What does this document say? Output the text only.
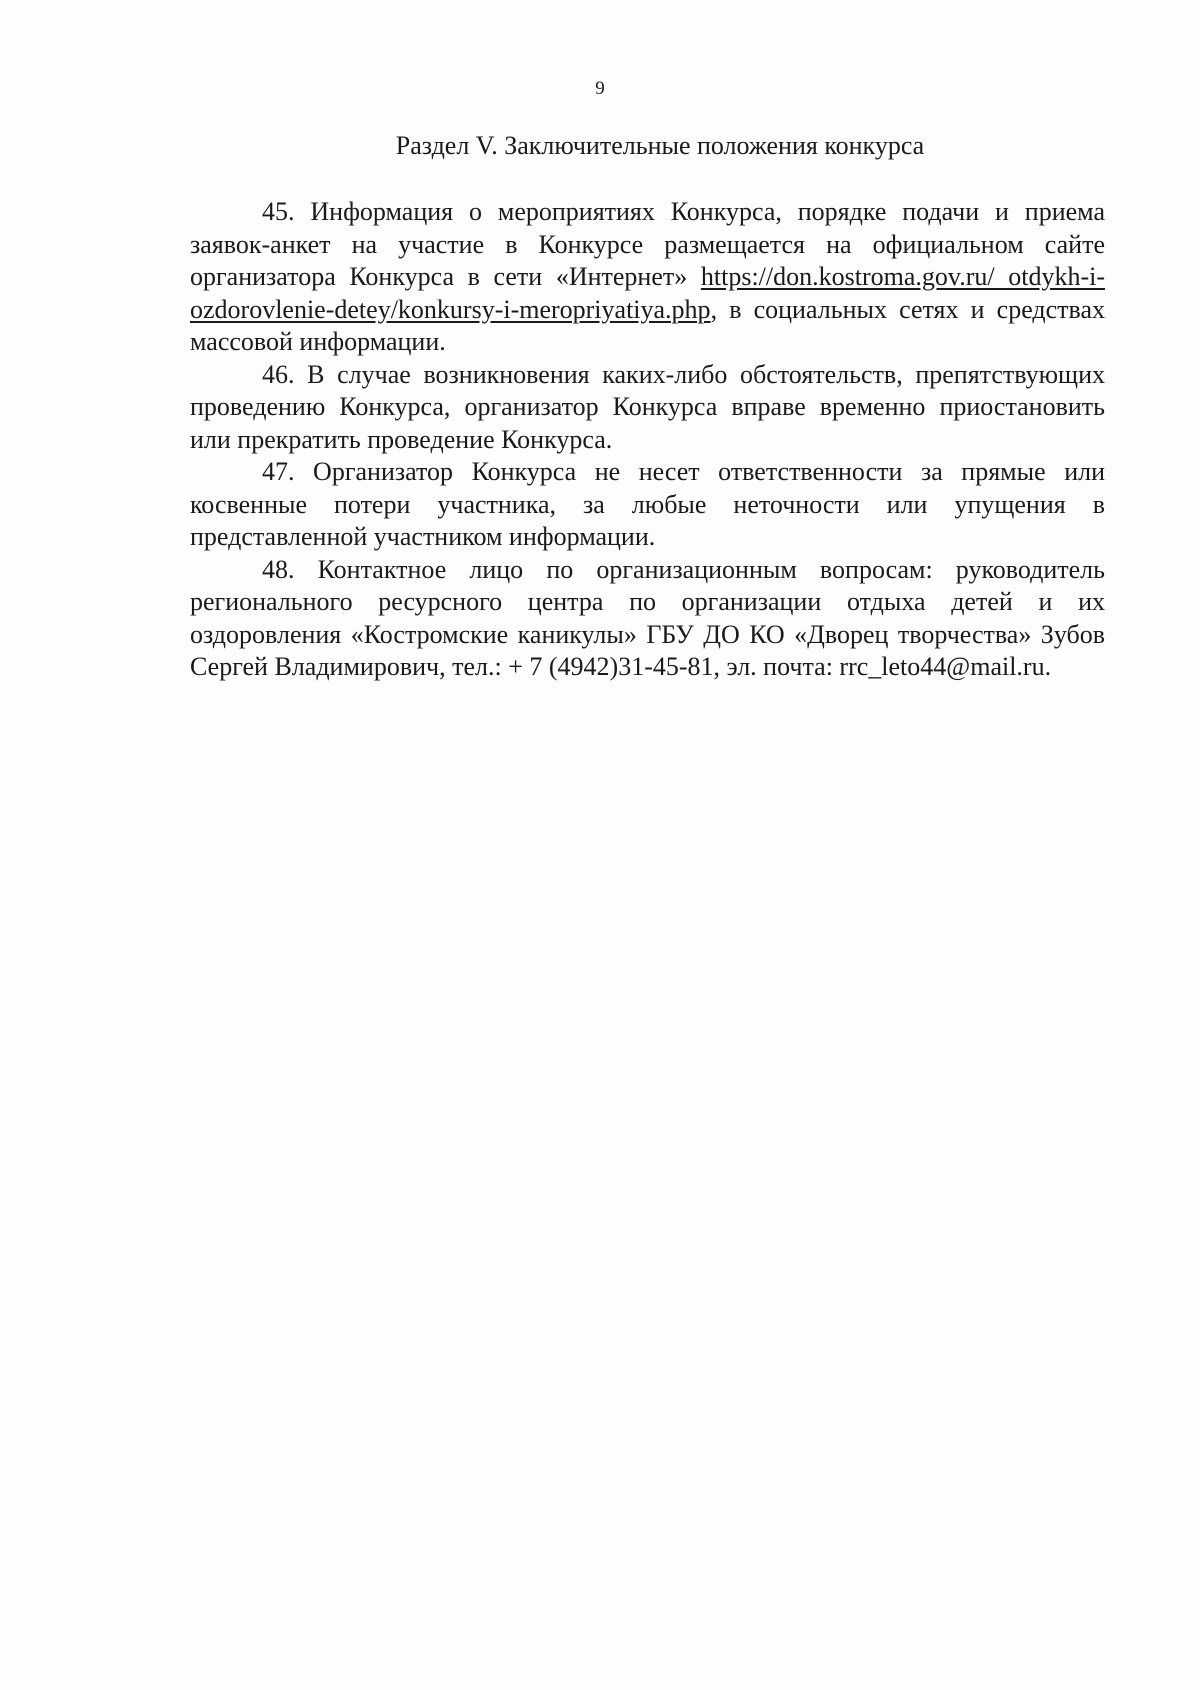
9
Раздел V. Заключительные положения конкурса

45. Информация о мероприятиях Конкурса, порядке подачи и приема заявок-анкет на участие в Конкурсе размещается на официальном сайте организатора Конкурса в сети «Интернет» https://don.kostroma.gov.ru/ otdykh-i-ozdorovlenie-detey/konkursy-i-meropriyatiya.php, в социальных сетях и средствах массовой информации.

46. В случае возникновения каких-либо обстоятельств, препятствующих проведению Конкурса, организатор Конкурса вправе временно приостановить или прекратить проведение Конкурса.

47. Организатор Конкурса не несет ответственности за прямые или косвенные потери участника, за любые неточности или упущения в представленной участником информации.

48. Контактное лицо по организационным вопросам: руководитель регионального ресурсного центра по организации отдыха детей и их оздоровления «Костромские каникулы» ГБУ ДО КО «Дворец творчества» Зубов Сергей Владимирович, тел.: + 7 (4942)31-45-81, эл. почта: rrc_leto44@mail.ru.
